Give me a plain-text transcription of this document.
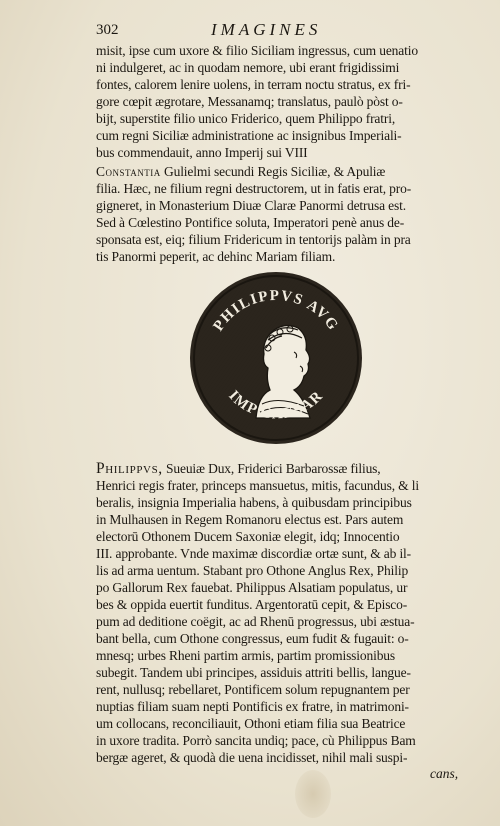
302	IMAGINES
misit, ipse cum uxore & filio Siciliam ingressus, cum uenatio
ni indulgeret, ac in quodam nemore, ubi erant frigidissimi
fontes, calorem lenire uolens, in terram noctu stratus, ex fri-
gore cœpit ægrotare, Messanamq; translatus, paulò pòst o-
bijt, superstite filio unico Friderico, quem Philippo fratri,
cum regni Siciliæ administratione ac insignibus Imperiali-
bus commendauit, anno Imperij sui VIII
Constantia Gulielmi secundi Regis Siciliæ, & Apuliæ
filia. Hæc, ne filium regni destructorem, ut in fatis erat, pro-
gigneret, in Monasterium Diuæ Claræ Panormi detrusa est.
Sed à Cœlestino Pontifice soluta, Imperatori penè anus de-
sponsata est, eiq; filium Fridericum in tentorijs palàm in pra
tis Panormi peperit, ac dehinc Mariam filiam.
PHILIPPVS AVG
IMP CAESAR
Philippvs, Sueuiæ Dux, Friderici Barbarossæ filius,
Henrici regis frater, princeps mansuetus, mitis, facundus, & li
beralis, insignia Imperialia habens, à quibusdam principibus
in Mulhausen in Regem Romanoru electus est. Pars autem
electorū Othonem Ducem Saxoniæ elegit, idq; Innocentio
III. approbante. Vnde maximæ discordiæ ortæ sunt, & ab il-
lis ad arma uentum. Stabant pro Othone Anglus Rex, Philip
po Gallorum Rex fauebat. Philippus Alsatiam populatus, ur
bes & oppida euertit funditus. Argentoratū cepit, & Episco-
pum ad deditione coëgit, ac ad Rhenū progressus, ubi æstua-
bant bella, cum Othone congressus, eum fudit & fugauit: o-
mnesq; urbes Rheni partim armis, partim promissionibus
subegit. Tandem ubi principes, assiduis attriti bellis, langue-
rent, nullusq; rebellaret, Pontificem solum repugnantem per
nuptias filiam suam nepti Pontificis ex fratre, in matrimoni-
um collocans, reconciliauit, Othoni etiam filia sua Beatrice
in uxore tradita. Porrò sancita undiq; pace, cù Philippus Bam
bergæ ageret, & quodà die uena incidisset, nihil mali suspi-
cans,
